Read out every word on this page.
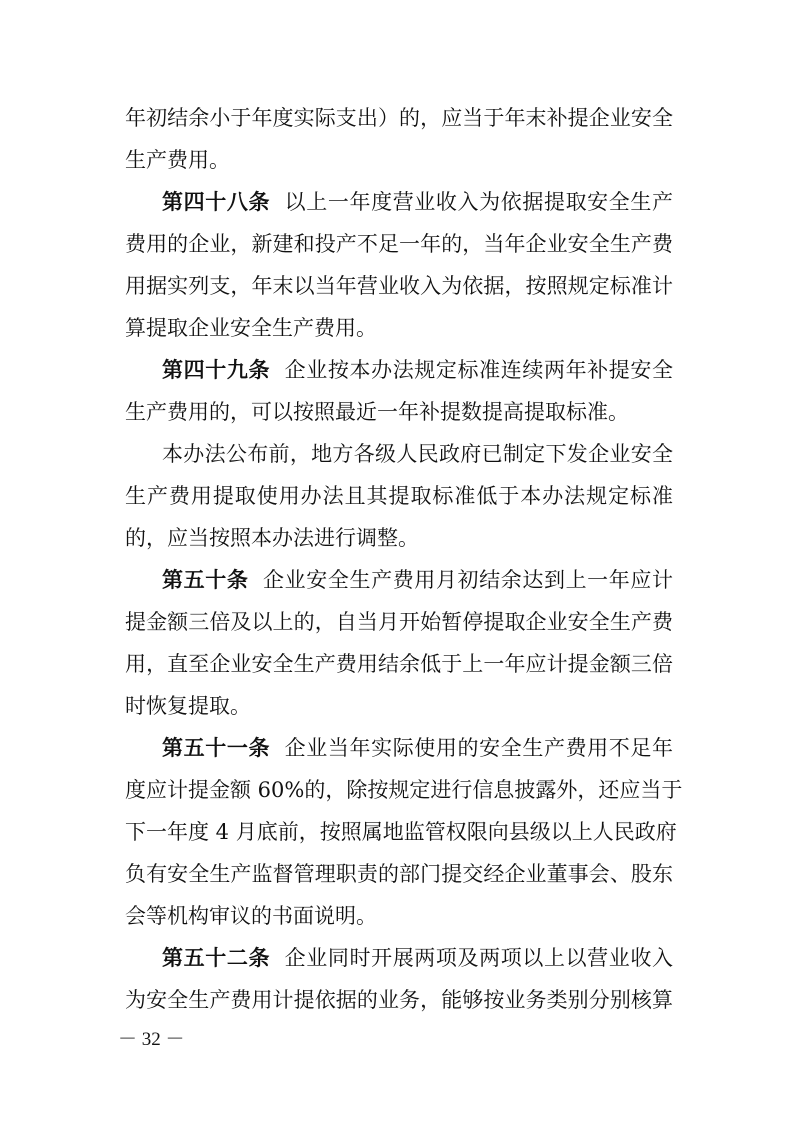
年初结余小于年度实际支出）的，应当于年末补提企业安全
生产费用。
第四十八条 以上一年度营业收入为依据提取安全生产
费用的企业，新建和投产不足一年的，当年企业安全生产费
用据实列支，年末以当年营业收入为依据，按照规定标准计
算提取企业安全生产费用。
第四十九条 企业按本办法规定标准连续两年补提安全
生产费用的，可以按照最近一年补提数提高提取标准。
本办法公布前，地方各级人民政府已制定下发企业安全
生产费用提取使用办法且其提取标准低于本办法规定标准
的，应当按照本办法进行调整。
第五十条 企业安全生产费用月初结余达到上一年应计
提金额三倍及以上的，自当月开始暂停提取企业安全生产费
用，直至企业安全生产费用结余低于上一年应计提金额三倍
时恢复提取。
第五十一条 企业当年实际使用的安全生产费用不足年
度应计提金额 60%的，除按规定进行信息披露外，还应当于
下一年度 4 月底前，按照属地监管权限向县级以上人民政府
负有安全生产监督管理职责的部门提交经企业董事会、股东
会等机构审议的书面说明。
第五十二条 企业同时开展两项及两项以上以营业收入
为安全生产费用计提依据的业务，能够按业务类别分别核算
－ 32 －
